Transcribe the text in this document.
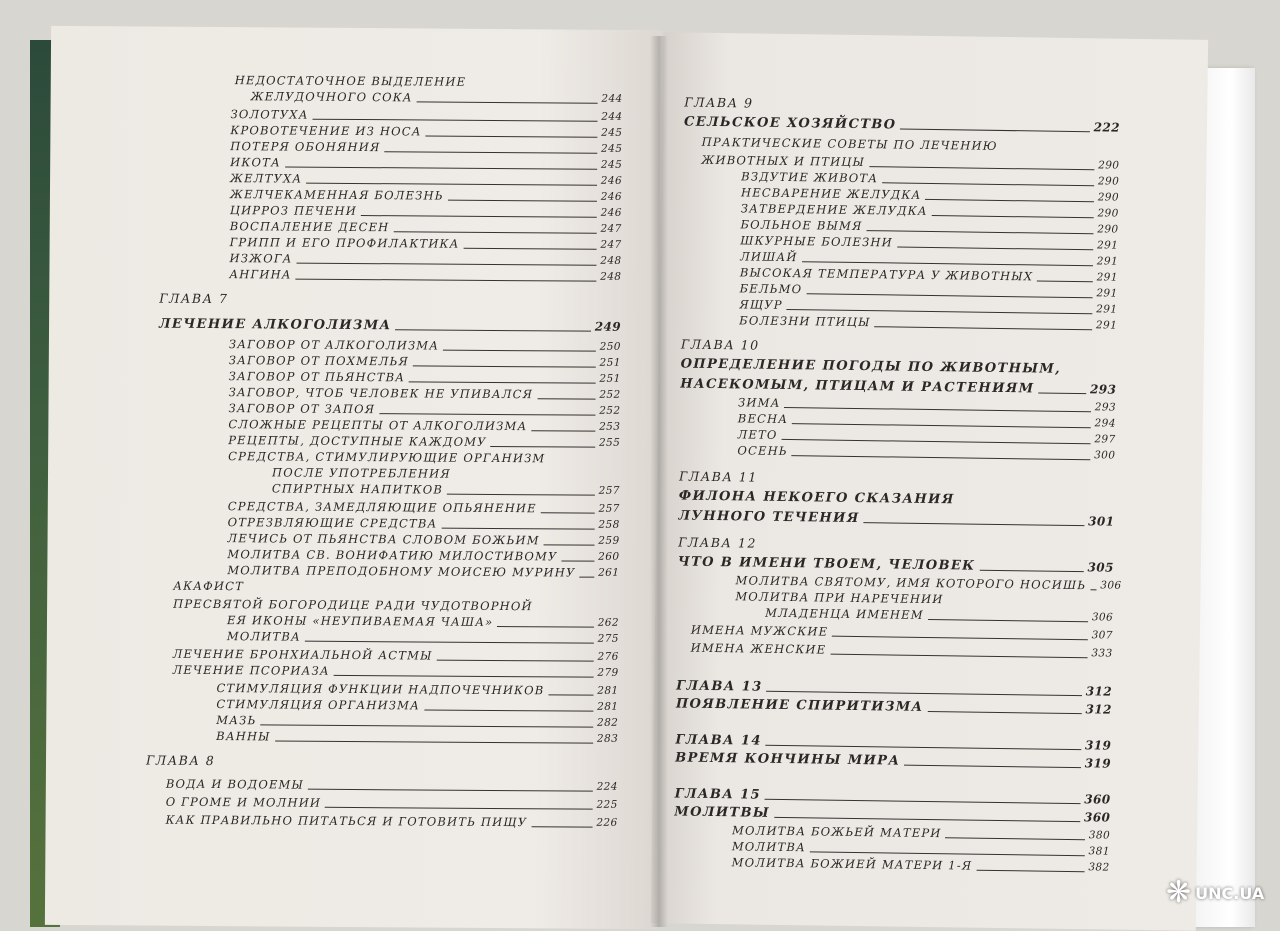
НЕДОСТАТОЧНОЕ ВЫДЕЛЕНИЕ
ЖЕЛУДОЧНОГО СОКА	244
ЗОЛОТУХА	244
КРОВОТЕЧЕНИЕ ИЗ НОСА	245
ПОТЕРЯ ОБОНЯНИЯ	245
ИКОТА	245
ЖЕЛТУХА	246
ЖЕЛЧЕКАМЕННАЯ БОЛЕЗНЬ	246
ЦИРРОЗ ПЕЧЕНИ	246
ВОСПАЛЕНИЕ ДЕСЕН	247
ГРИПП И ЕГО ПРОФИЛАКТИКА	247
ИЗЖОГА	248
АНГИНА	248
ГЛАВА 7
ЛЕЧЕНИЕ АЛКОГОЛИЗМА	249
ЗАГОВОР ОТ АЛКОГОЛИЗМА	250
ЗАГОВОР ОТ ПОХМЕЛЬЯ	251
ЗАГОВОР ОТ ПЬЯНСТВА	251
ЗАГОВОР, ЧТОБ ЧЕЛОВЕК НЕ УПИВАЛСЯ	252
ЗАГОВОР ОТ ЗАПОЯ	252
СЛОЖНЫЕ РЕЦЕПТЫ ОТ АЛКОГОЛИЗМА	253
РЕЦЕПТЫ, ДОСТУПНЫЕ КАЖДОМУ	255
СРЕДСТВА, СТИМУЛИРУЮЩИЕ ОРГАНИЗМ
ПОСЛЕ УПОТРЕБЛЕНИЯ
СПИРТНЫХ НАПИТКОВ	257
СРЕДСТВА, ЗАМЕДЛЯЮЩИЕ ОПЬЯНЕНИЕ	257
ОТРЕЗВЛЯЮЩИЕ СРЕДСТВА	258
ЛЕЧИСЬ ОТ ПЬЯНСТВА СЛОВОМ БОЖЬИМ	259
МОЛИТВА СВ. ВОНИФАТИЮ МИЛОСТИВОМУ	260
МОЛИТВА ПРЕПОДОБНОМУ МОИСЕЮ МУРИНУ 261
АКАФИСТ
ПРЕСВЯТОЙ БОГОРОДИЦЕ РАДИ ЧУДОТВОРНОЙ
ЕЯ ИКОНЫ «НЕУПИВАЕМАЯ ЧАША»	262
МОЛИТВА	275
ЛЕЧЕНИЕ БРОНХИАЛЬНОЙ АСТМЫ	276
ЛЕЧЕНИЕ ПСОРИАЗА	279
СТИМУЛЯЦИЯ ФУНКЦИИ НАДПОЧЕЧНИКОВ	281
СТИМУЛЯЦИЯ ОРГАНИЗМА	281
МАЗЬ	282
ВАННЫ	283
ГЛАВА 8
ВОДА И ВОДОЕМЫ	224
О ГРОМЕ И МОЛНИИ	225
КАК ПРАВИЛЬНО ПИТАТЬСЯ И ГОТОВИТЬ ПИЩУ	226
ГЛАВА 9
СЕЛЬСКОЕ ХОЗЯЙСТВО	222
ПРАКТИЧЕСКИЕ СОВЕТЫ ПО ЛЕЧЕНИЮ
ЖИВОТНЫХ И ПТИЦЫ	290
ВЗДУТИЕ ЖИВОТА	290
НЕСВАРЕНИЕ ЖЕЛУДКА	290
ЗАТВЕРДЕНИЕ ЖЕЛУДКА	290
БОЛЬНОЕ ВЫМЯ	290
ШКУРНЫЕ БОЛЕЗНИ	291
ЛИШАЙ	291
ВЫСОКАЯ ТЕМПЕРАТУРА У ЖИВОТНЫХ	291
БЕЛЬМО	291
ЯЩУР	291
БОЛЕЗНИ ПТИЦЫ	291
ГЛАВА 10
ОПРЕДЕЛЕНИЕ ПОГОДЫ ПО ЖИВОТНЫМ,
НАСЕКОМЫМ, ПТИЦАМ И РАСТЕНИЯМ	293
ЗИМА	293
ВЕСНА	294
ЛЕТО	297
ОСЕНЬ	300
ГЛАВА 11
ФИЛОНА НЕКОЕГО СКАЗАНИЯ
ЛУННОГО ТЕЧЕНИЯ	301
ГЛАВА 12
ЧТО В ИМЕНИ ТВОЕМ, ЧЕЛОВЕК	305
МОЛИТВА СВЯТОМУ, ИМЯ КОТОРОГО НОСИШЬ 306
МОЛИТВА ПРИ НАРЕЧЕНИИ
МЛАДЕНЦА ИМЕНЕМ	306
ИМЕНА МУЖСКИЕ	307
ИМЕНА ЖЕНСКИЕ	333
ГЛАВА 13	312
ПОЯВЛЕНИЕ СПИРИТИЗМА	312
ГЛАВА 14	319
ВРЕМЯ КОНЧИНЫ МИРА	319
ГЛАВА 15	360
МОЛИТВЫ	360
МОЛИТВА БОЖЬЕЙ МАТЕРИ	380
МОЛИТВА	381
МОЛИТВА БОЖИЕЙ МАТЕРИ 1-Я	382
❋ UNC.UA
